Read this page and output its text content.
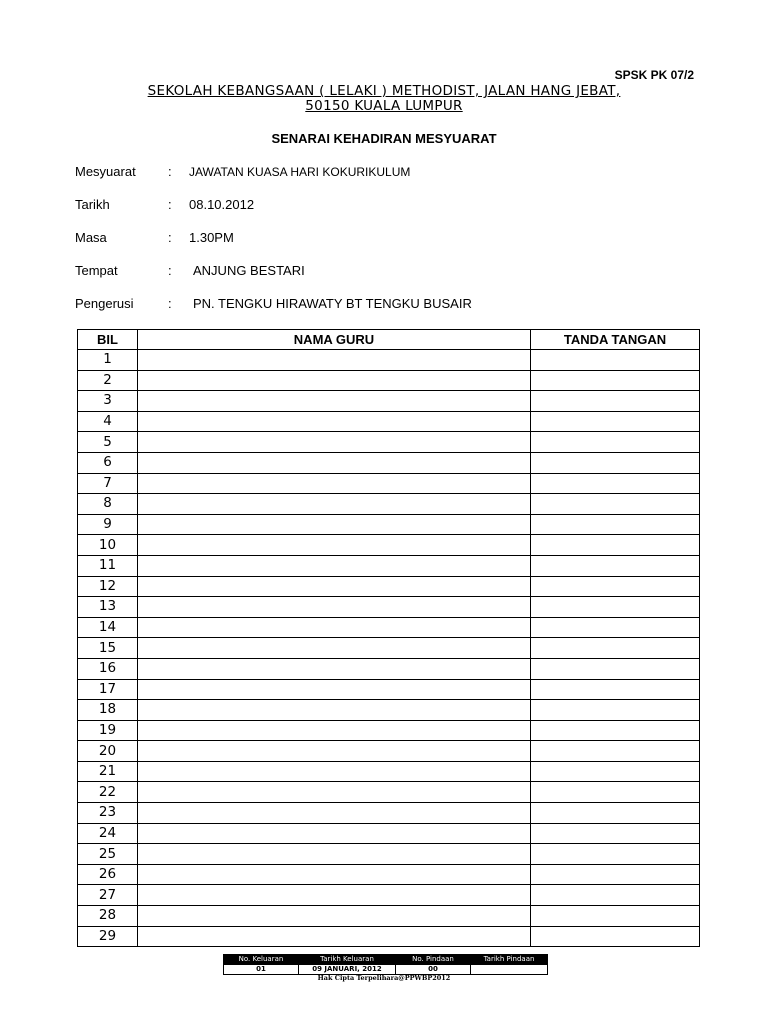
SPSK PK 07/2
SEKOLAH KEBANGSAAN ( LELAKI ) METHODIST, JALAN HANG JEBAT,
50150 KUALA LUMPUR
SENARAI KEHADIRAN MESYUARAT
Mesyuarat : JAWATAN KUASA HARI KOKURIKULUM
Tarikh	: 08.10.2012
Masa	: 1.30PM
Tempat	: ANJUNG BESTARI
Pengerusi	: PN. TENGKU HIRAWATY BT TENGKU BUSAIR
BIL	NAMA GURU	TANDA TANGAN
1		
2		
3		
4		
5		
6		
7		
8		
9		
10		
11		
12		
13		
14		
15		
16		
17		
18		
19		
20		
21		
22		
23		
24		
25		
26		
27		
28		
29		
No. Keluaran	Tarikh Keluaran	No. Pindaan	Tarikh Pindaan
01	09 JANUARI, 2012	00	
Hak Cipta Terpelihara@PPWBP2012
